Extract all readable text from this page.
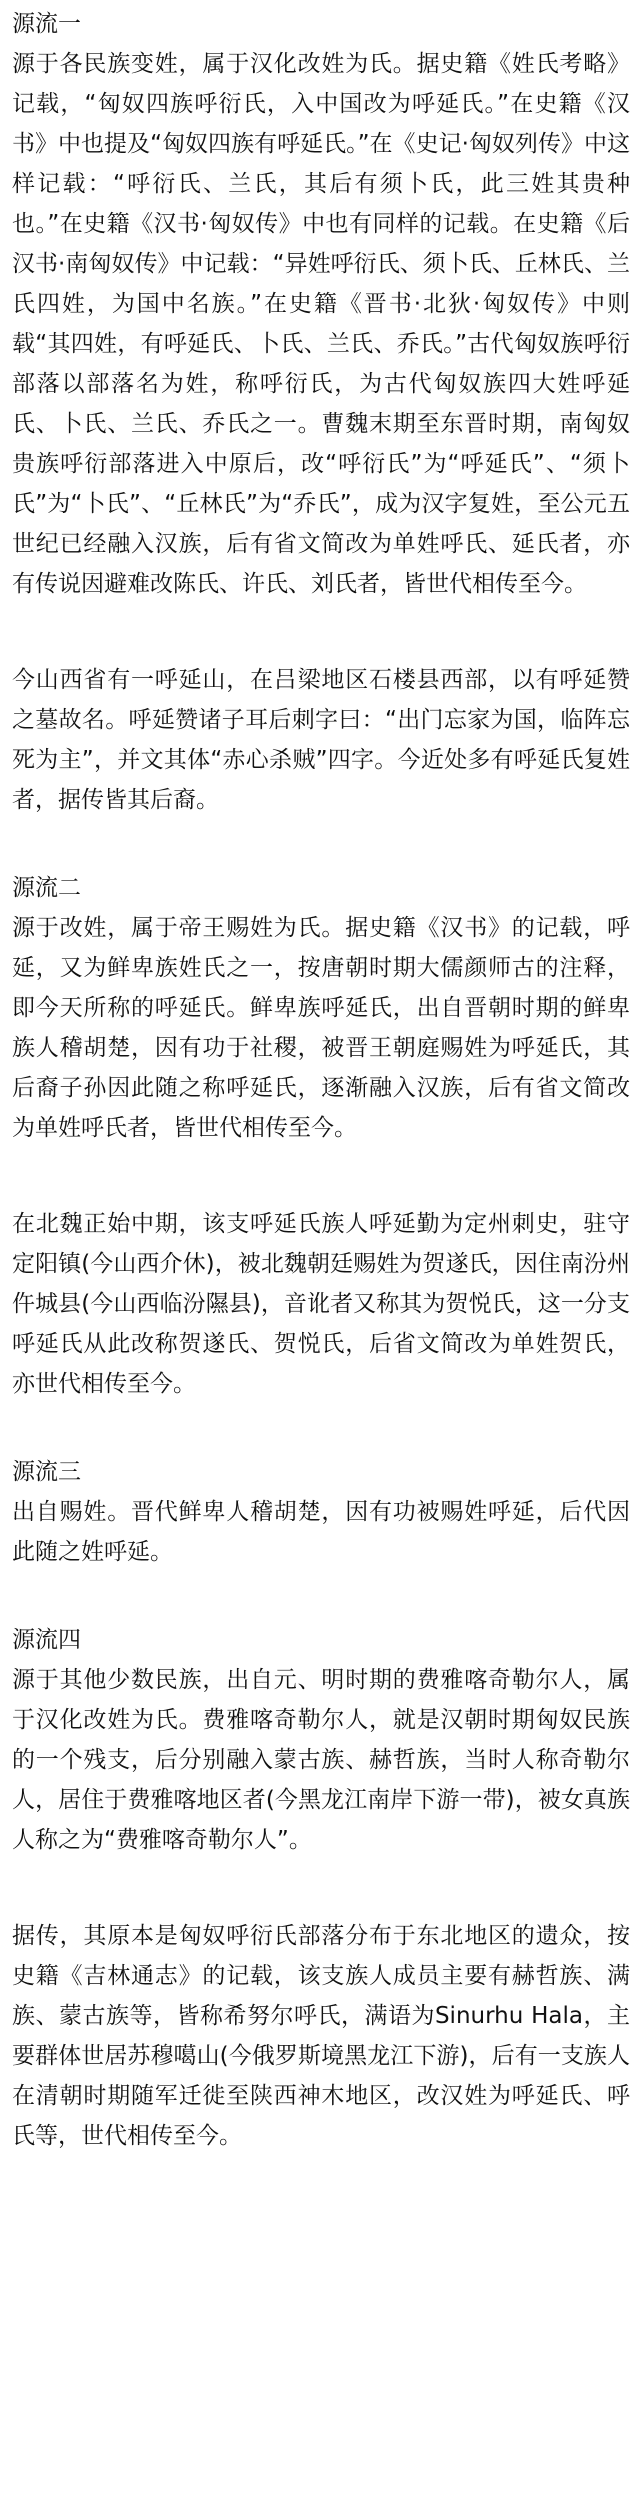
源流一

源于各民族变姓，属于汉化改姓为氏。据史籍《姓氏考略》记载，“匈奴四族呼衍氏，入中国改为呼延氏。”在史籍《汉书》中也提及“匈奴四族有呼延氏。”在《史记·匈奴列传》中这样记载：“呼衍氏、兰氏，其后有须卜氏，此三姓其贵种也。”在史籍《汉书·匈奴传》中也有同样的记载。在史籍《后汉书·南匈奴传》中记载：“异姓呼衍氏、须卜氏、丘林氏、兰氏四姓，为国中名族。”在史籍《晋书·北狄·匈奴传》中则载“其四姓，有呼延氏、卜氏、兰氏、乔氏。”古代匈奴族呼衍部落以部落名为姓，称呼衍氏，为古代匈奴族四大姓呼延氏、卜氏、兰氏、乔氏之一。曹魏末期至东晋时期，南匈奴贵族呼衍部落进入中原后，改“呼衍氏”为“呼延氏”、“须卜氏”为“卜氏”、“丘林氏”为“乔氏”，成为汉字复姓，至公元五世纪已经融入汉族，后有省文简改为单姓呼氏、延氏者，亦有传说因避难改陈氏、许氏、刘氏者，皆世代相传至今。

今山西省有一呼延山，在吕梁地区石楼县西部，以有呼延赞之墓故名。呼延赞诸子耳后刺字曰：“出门忘家为国，临阵忘死为主”，并文其体“赤心杀贼”四字。今近处多有呼延氏复姓者，据传皆其后裔。

源流二

源于改姓，属于帝王赐姓为氏。据史籍《汉书》的记载，呼延，又为鲜卑族姓氏之一，按唐朝时期大儒颜师古的注释，即今天所称的呼延氏。鲜卑族呼延氏，出自晋朝时期的鲜卑族人稽胡楚，因有功于社稷，被晋王朝庭赐姓为呼延氏，其后裔子孙因此随之称呼延氏，逐渐融入汉族，后有省文简改为单姓呼氏者，皆世代相传至今。

在北魏正始中期，该支呼延氏族人呼延勤为定州刺史，驻守定阳镇(今山西介休)，被北魏朝廷赐姓为贺遂氏，因住南汾州仵城县(今山西临汾隰县)，音讹者又称其为贺悦氏，这一分支呼延氏从此改称贺遂氏、贺悦氏，后省文简改为单姓贺氏，亦世代相传至今。

源流三

出自赐姓。晋代鲜卑人稽胡楚，因有功被赐姓呼延，后代因此随之姓呼延。

源流四

源于其他少数民族，出自元、明时期的费雅喀奇勒尔人，属于汉化改姓为氏。费雅喀奇勒尔人，就是汉朝时期匈奴民族的一个残支，后分别融入蒙古族、赫哲族，当时人称奇勒尔人，居住于费雅喀地区者(今黑龙江南岸下游一带)，被女真族人称之为“费雅喀奇勒尔人”。

据传，其原本是匈奴呼衍氏部落分布于东北地区的遗众，按史籍《吉林通志》的记载，该支族人成员主要有赫哲族、满族、蒙古族等，皆称希努尔呼氏，满语为Sinurhu Hala，主要群体世居苏穆噶山(今俄罗斯境黑龙江下游)，后有一支族人在清朝时期随军迁徙至陕西神木地区，改汉姓为呼延氏、呼氏等，世代相传至今。
